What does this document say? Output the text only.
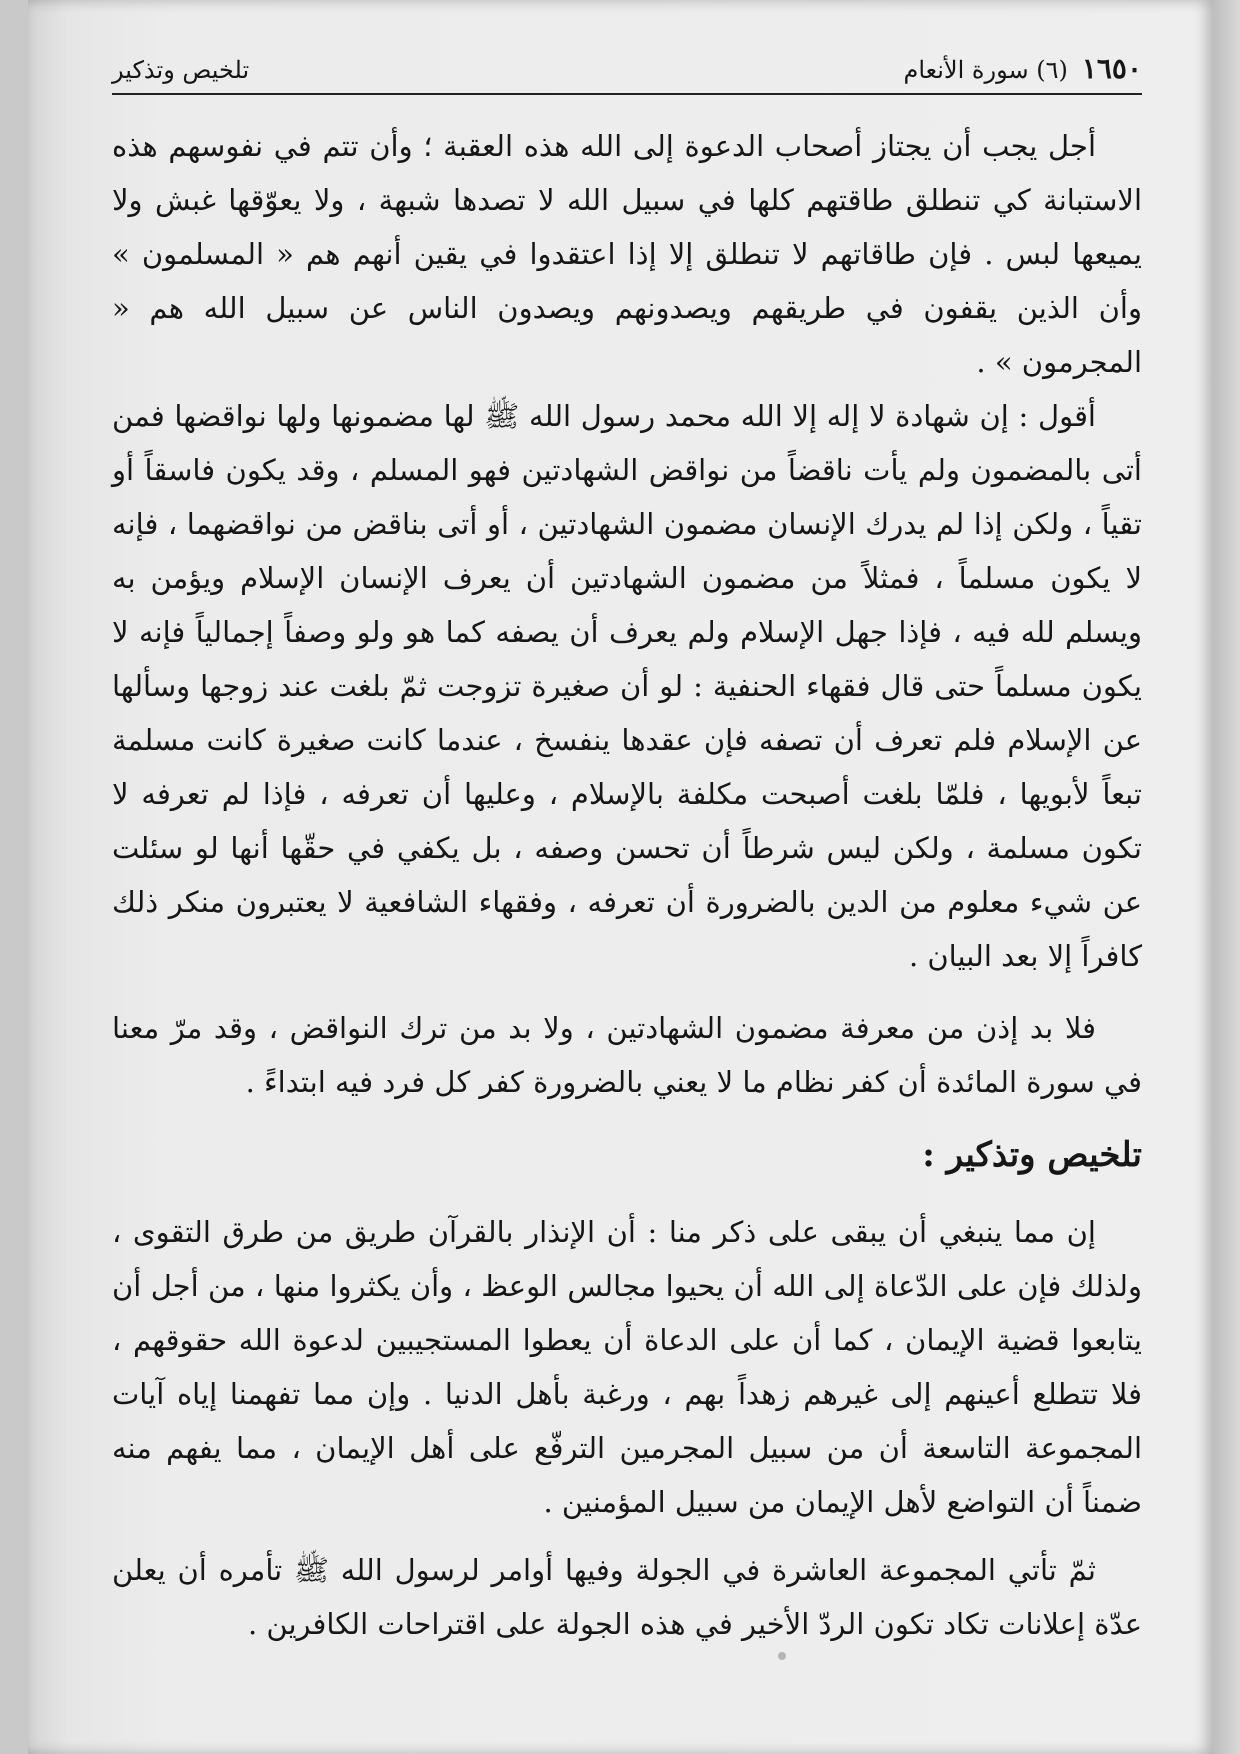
١٦٥٠
(٦) سورة الأنعام
تلخيص وتذكير

أجل يجب أن يجتاز أصحاب الدعوة إلى الله هذه العقبة ؛ وأن تتم في نفوسهم هذه الاستبانة كي تنطلق طاقتهم كلها في سبيل الله لا تصدها شبهة ، ولا يعوّقها غبش ولا يميعها لبس . فإن طاقاتهم لا تنطلق إلا إذا اعتقدوا في يقين أنهم هم « المسلمون » وأن الذين يقفون في طريقهم ويصدونهم ويصدون الناس عن سبيل الله هم « المجرمون » .

أقول : إن شهادة لا إله إلا الله محمد رسول الله ﷺ لها مضمونها ولها نواقضها فمن أتى بالمضمون ولم يأت ناقضاً من نواقض الشهادتين فهو المسلم ، وقد يكون فاسقاً أو تقياً ، ولكن إذا لم يدرك الإنسان مضمون الشهادتين ، أو أتى بناقض من نواقضهما ، فإنه لا يكون مسلماً ، فمثلاً من مضمون الشهادتين أن يعرف الإنسان الإسلام ويؤمن به ويسلم لله فيه ، فإذا جهل الإسلام ولم يعرف أن يصفه كما هو ولو وصفاً إجمالياً فإنه لا يكون مسلماً حتى قال فقهاء الحنفية : لو أن صغيرة تزوجت ثمّ بلغت عند زوجها وسألها عن الإسلام فلم تعرف أن تصفه فإن عقدها ينفسخ ، عندما كانت صغيرة كانت مسلمة تبعاً لأبويها ، فلمّا بلغت أصبحت مكلفة بالإسلام ، وعليها أن تعرفه ، فإذا لم تعرفه لا تكون مسلمة ، ولكن ليس شرطاً أن تحسن وصفه ، بل يكفي في حقّها أنها لو سئلت عن شيء معلوم من الدين بالضرورة أن تعرفه ، وفقهاء الشافعية لا يعتبرون منكر ذلك كافراً إلا بعد البيان .

فلا بد إذن من معرفة مضمون الشهادتين ، ولا بد من ترك النواقض ، وقد مرّ معنا في سورة المائدة أن كفر نظام ما لا يعني بالضرورة كفر كل فرد فيه ابتداءً .

تلخيص وتذكير :

إن مما ينبغي أن يبقى على ذكر منا : أن الإنذار بالقرآن طريق من طرق التقوى ، ولذلك فإن على الدّعاة إلى الله أن يحيوا مجالس الوعظ ، وأن يكثروا منها ، من أجل أن يتابعوا قضية الإيمان ، كما أن على الدعاة أن يعطوا المستجيبين لدعوة الله حقوقهم ، فلا تتطلع أعينهم إلى غيرهم زهداً بهم ، ورغبة بأهل الدنيا . وإن مما تفهمنا إياه آيات المجموعة التاسعة أن من سبيل المجرمين الترفّع على أهل الإيمان ، مما يفهم منه ضمناً أن التواضع لأهل الإيمان من سبيل المؤمنين .

ثمّ تأتي المجموعة العاشرة في الجولة وفيها أوامر لرسول الله ﷺ تأمره أن يعلن عدّة إعلانات تكاد تكون الردّ الأخير في هذه الجولة على اقتراحات الكافرين .
